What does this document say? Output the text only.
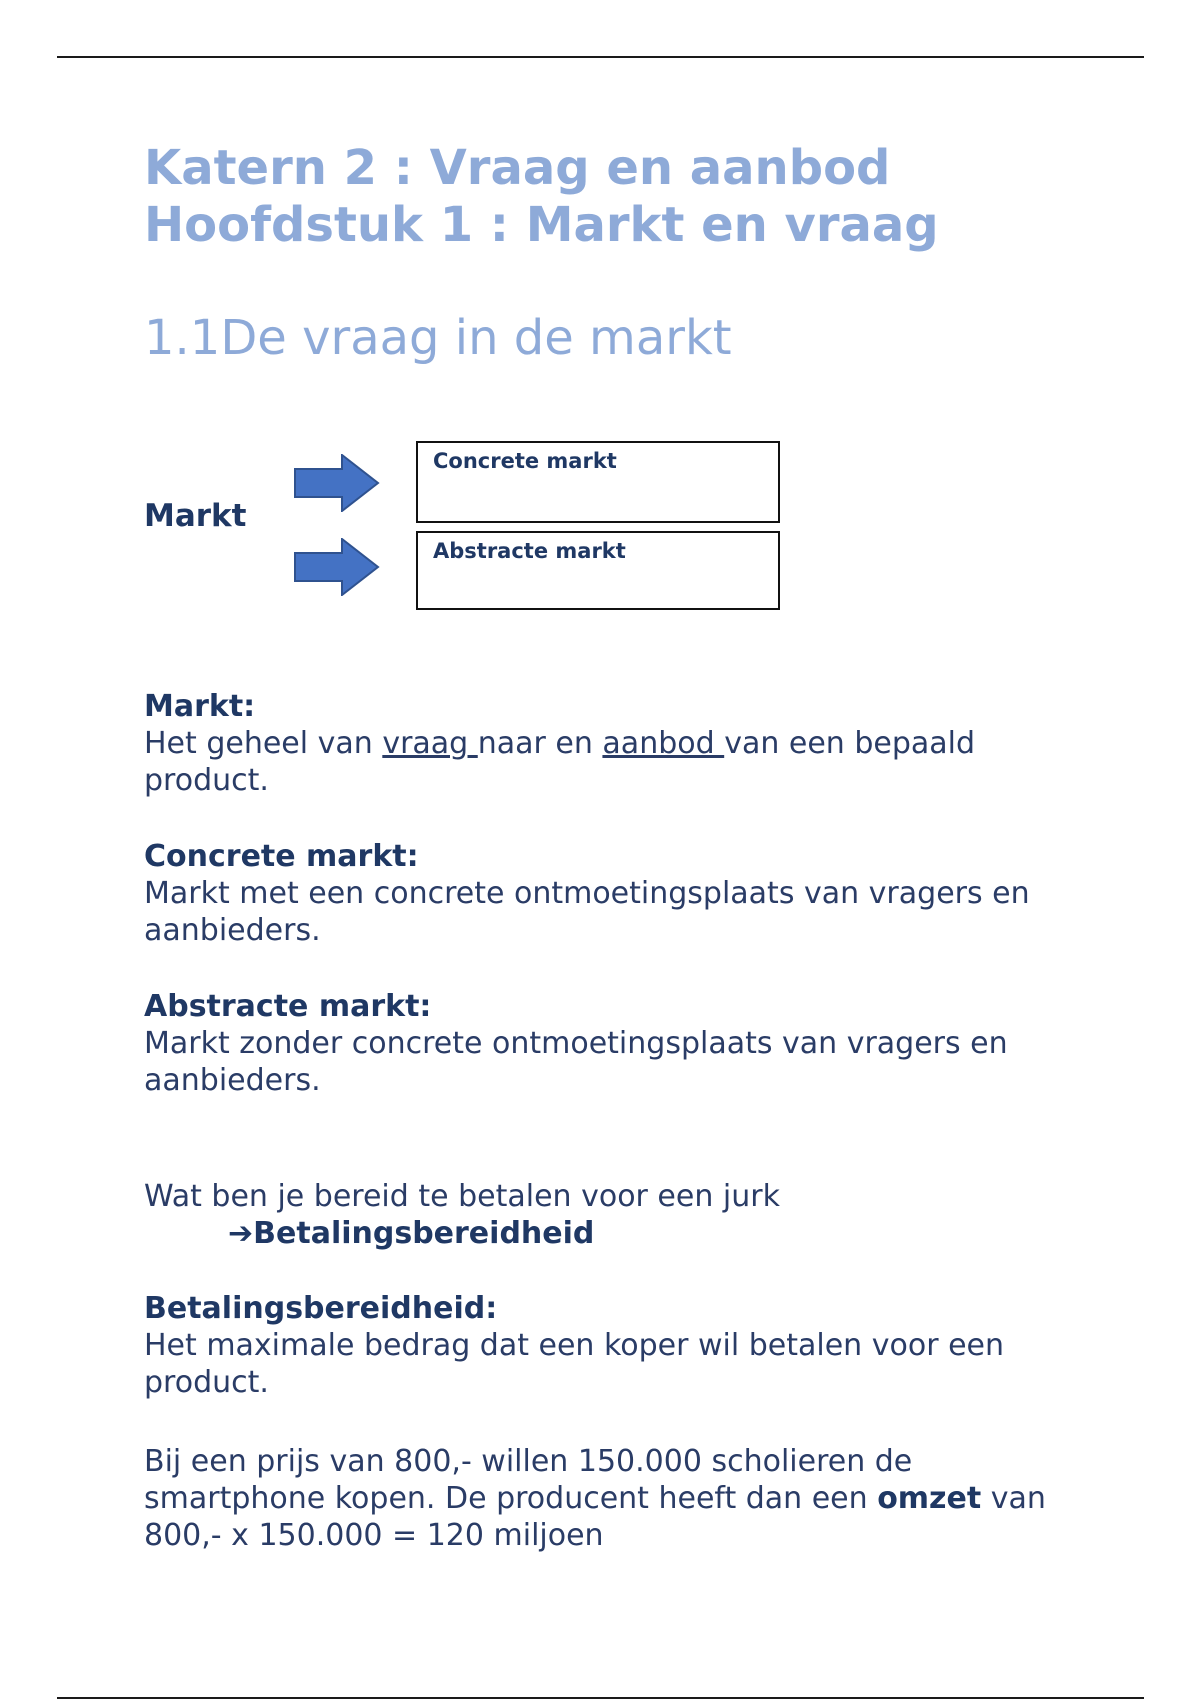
Katern 2 : Vraag en aanbod
Hoofdstuk 1 : Markt en vraag
1.1De vraag in de markt
Markt
Concrete markt
Abstracte markt
Markt:
Het geheel van vraag naar en aanbod van een bepaald product.
Concrete markt:
Markt met een concrete ontmoetingsplaats van vragers en aanbieders.
Abstracte markt:
Markt zonder concrete ontmoetingsplaats van vragers en aanbieders.
Wat ben je bereid te betalen voor een jurk
➔Betalingsbereidheid
Betalingsbereidheid:
Het maximale bedrag dat een koper wil betalen voor een product.
Bij een prijs van 800,- willen 150.000 scholieren de smartphone kopen. De producent heeft dan een omzet van 800,- x 150.000 = 120 miljoen
